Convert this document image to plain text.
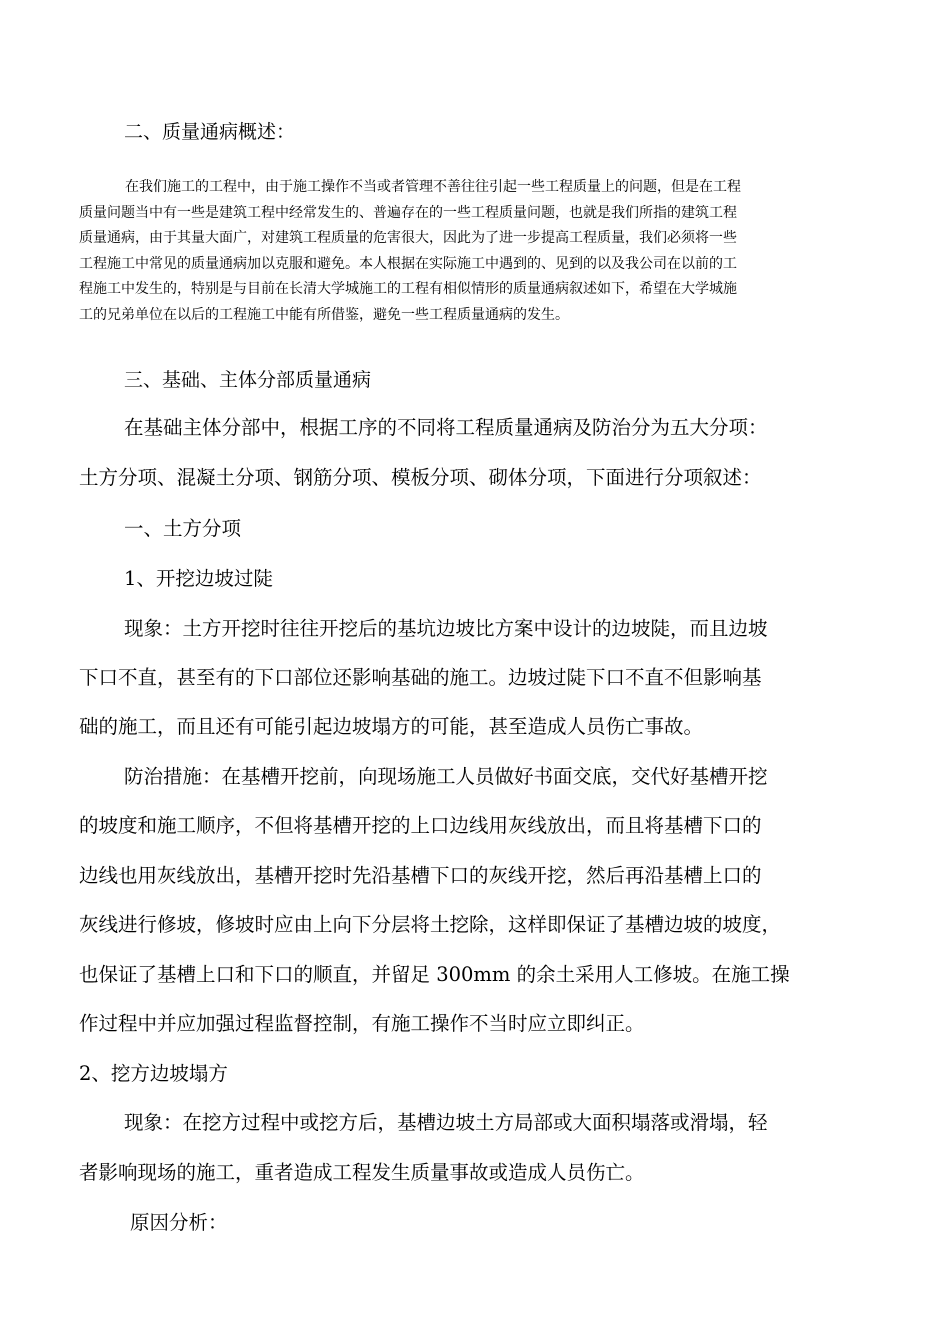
二、质量通病概述：
在我们施工的工程中，由于施工操作不当或者管理不善往往引起一些工程质量上的问题，但是在工程
质量问题当中有一些是建筑工程中经常发生的、普遍存在的一些工程质量问题，也就是我们所指的建筑工程
质量通病，由于其量大面广，对建筑工程质量的危害很大，因此为了进一步提高工程质量，我们必须将一些
工程施工中常见的质量通病加以克服和避免。本人根据在实际施工中遇到的、见到的以及我公司在以前的工
程施工中发生的，特别是与目前在长清大学城施工的工程有相似情形的质量通病叙述如下，希望在大学城施
工的兄弟单位在以后的工程施工中能有所借鉴，避免一些工程质量通病的发生。
三、基础、主体分部质量通病
在基础主体分部中，根据工序的不同将工程质量通病及防治分为五大分项：
土方分项、混凝土分项、钢筋分项、模板分项、砌体分项，下面进行分项叙述：
一、土方分项
1、开挖边坡过陡
现象：土方开挖时往往开挖后的基坑边坡比方案中设计的边坡陡，而且边坡
下口不直，甚至有的下口部位还影响基础的施工。边坡过陡下口不直不但影响基
础的施工，而且还有可能引起边坡塌方的可能，甚至造成人员伤亡事故。
防治措施：在基槽开挖前，向现场施工人员做好书面交底，交代好基槽开挖
的坡度和施工顺序，不但将基槽开挖的上口边线用灰线放出，而且将基槽下口的
边线也用灰线放出，基槽开挖时先沿基槽下口的灰线开挖，然后再沿基槽上口的
灰线进行修坡，修坡时应由上向下分层将土挖除，这样即保证了基槽边坡的坡度，
也保证了基槽上口和下口的顺直，并留足 300mm 的余土采用人工修坡。在施工操
作过程中并应加强过程监督控制，有施工操作不当时应立即纠正。
2、挖方边坡塌方
现象：在挖方过程中或挖方后，基槽边坡土方局部或大面积塌落或滑塌，轻
者影响现场的施工，重者造成工程发生质量事故或造成人员伤亡。
原因分析：
